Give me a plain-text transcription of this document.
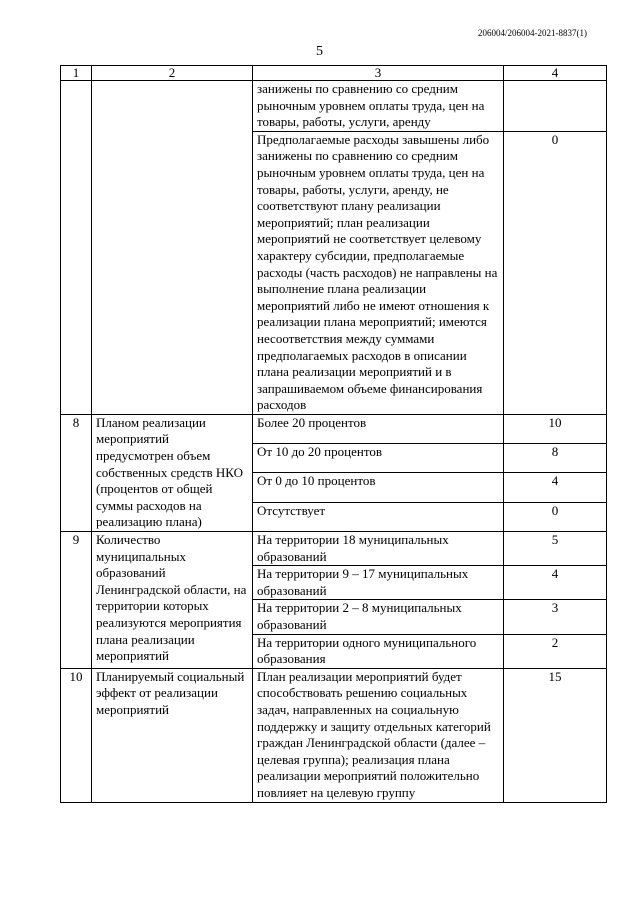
206004/206004-2021-8837(1)
5
1	2	3	4
		занижены по сравнению со средним рыночным уровнем оплаты труда, цен на товары, работы, услуги, аренду	
		Предполагаемые расходы завышены либо занижены по сравнению со средним рыночным уровнем оплаты труда, цен на товары, работы, услуги, аренду, не соответствуют плану реализации мероприятий; план реализации мероприятий не соответствует целевому характеру субсидии, предполагаемые расходы (часть расходов) не направлены на выполнение плана реализации мероприятий либо не имеют отношения к реализации плана мероприятий; имеются несоответствия между суммами предполагаемых расходов в описании плана реализации мероприятий и в запрашиваемом объеме финансирования расходов	0
8	Планом реализации мероприятий предусмотрен объем собственных средств НКО (процентов от общей суммы расходов на реализацию плана)	Более 20 процентов	10
		От 10 до 20 процентов	8
		От 0 до 10 процентов	4
		Отсутствует	0
9	Количество муниципальных образований Ленинградской области, на территории которых реализуются мероприятия плана реализации мероприятий	На территории 18 муниципальных образований	5
		На территории 9 – 17 муниципальных образований	4
		На территории 2 – 8 муниципальных образований	3
		На территории одного муниципального образования	2
10	Планируемый социальный эффект от реализации мероприятий	План реализации мероприятий будет способствовать решению социальных задач, направленных на социальную поддержку и защиту отдельных категорий граждан Ленинградской области (далее – целевая группа); реализация плана реализации мероприятий положительно повлияет на целевую группу	15
